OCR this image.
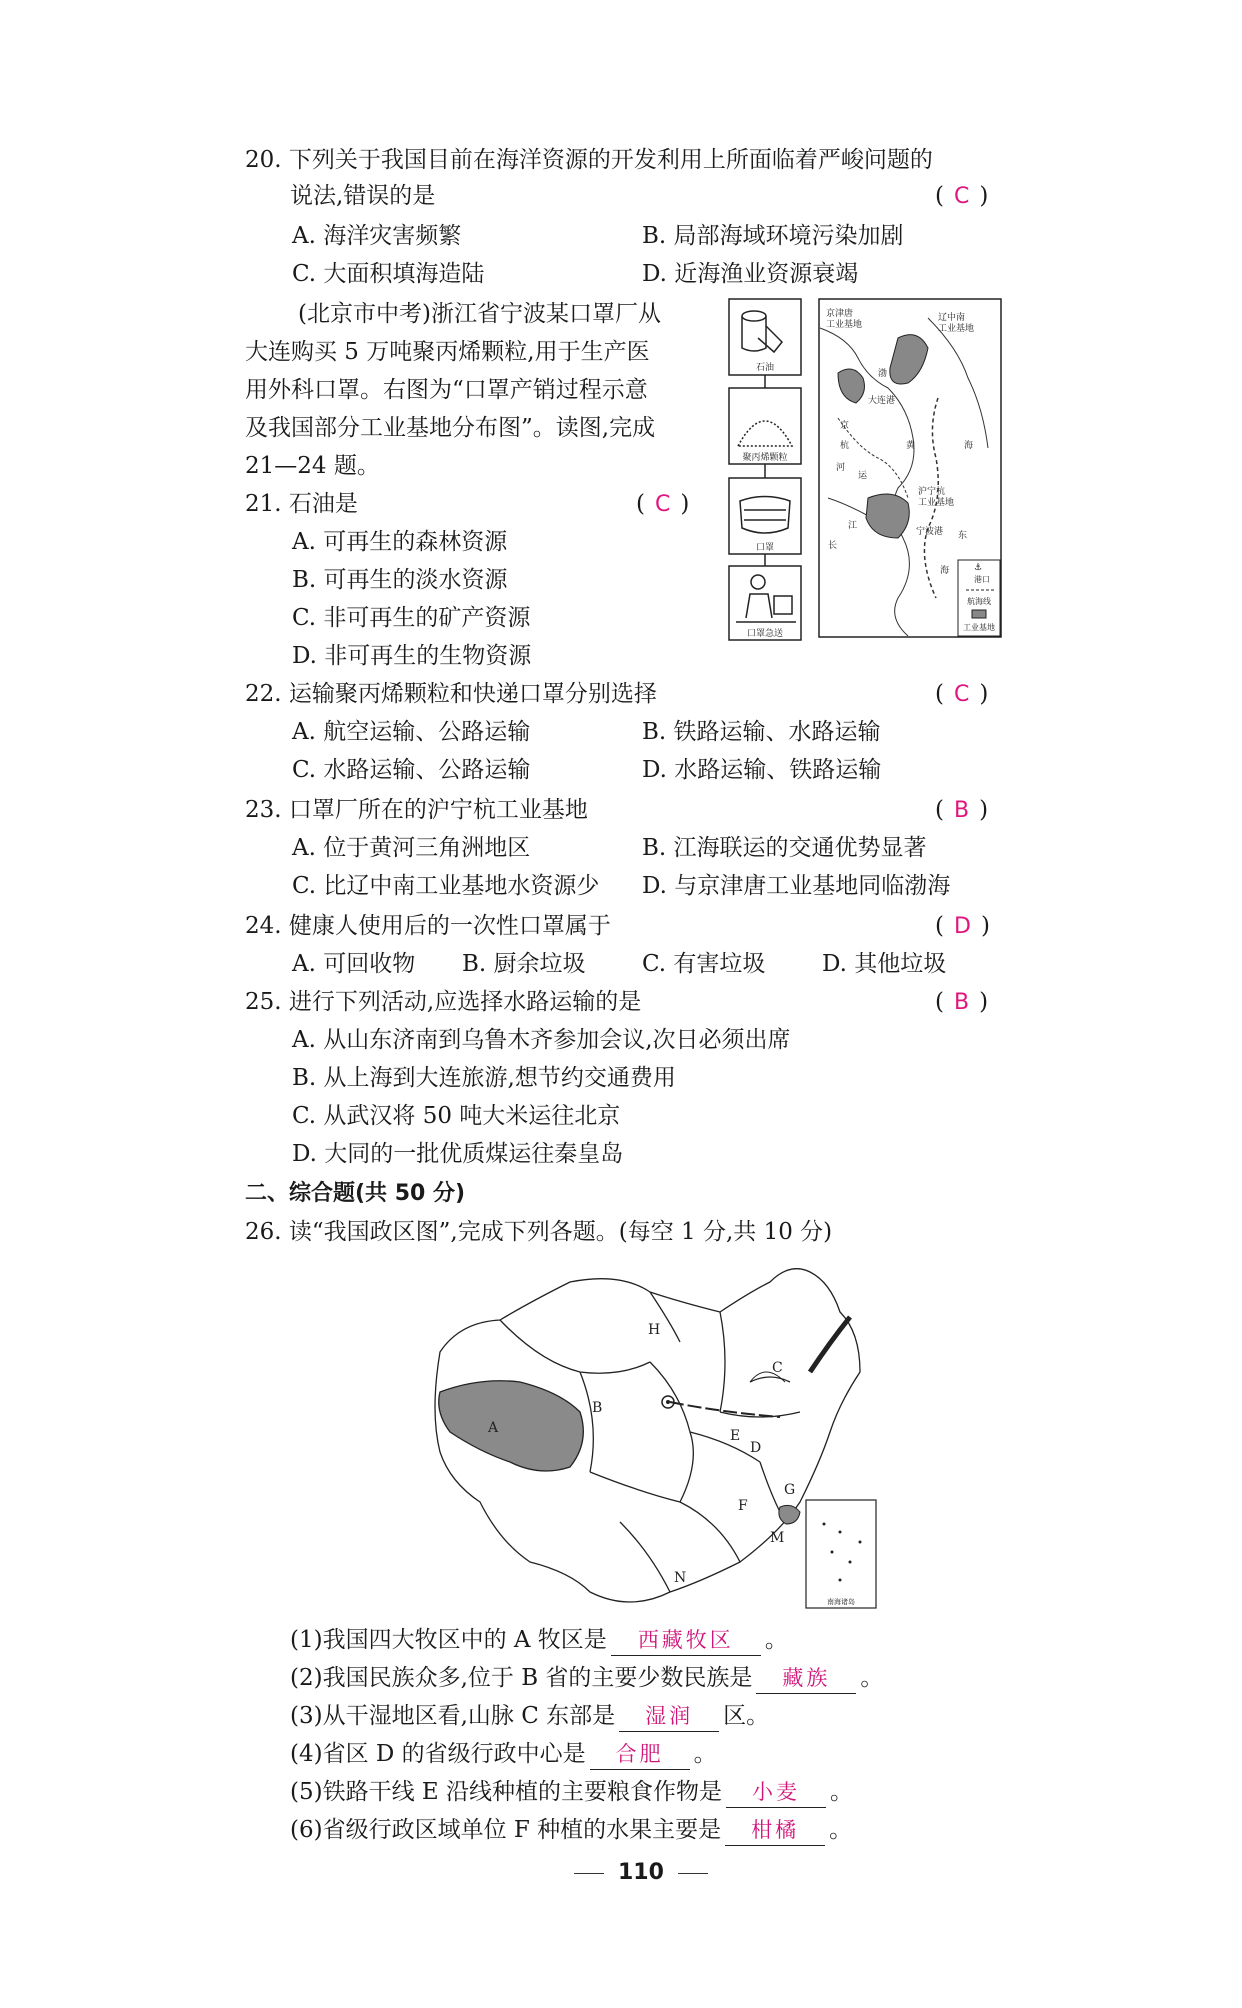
20. 下列关于我国目前在海洋资源的开发利用上所面临着严峻问题的
说法,错误的是	( C )
A. 海洋灾害频繁	B. 局部海域环境污染加剧
C. 大面积填海造陆	D. 近海渔业资源衰竭
(北京市中考)浙江省宁波某口罩厂从
大连购买 5 万吨聚丙烯颗粒,用于生产医
用外科口罩。右图为“口罩产销过程示意
及我国部分工业基地分布图”。读图,完成
21—24 题。
21. 石油是	( C )
A. 可再生的森林资源
B. 可再生的淡水资源
C. 非可再生的矿产资源
D. 非可再生的生物资源
石油
聚丙烯颗粒
口罩
口罩急送
京津唐
工业基地
辽中南
工业基地
渤
大连港
京
杭
运
河
黄	海
沪宁杭
工业基地
宁波港
江
长
东
海	⚓
港口
航海线
工业基地
22. 运输聚丙烯颗粒和快递口罩分别选择	( C )
A. 航空运输、公路运输	B. 铁路运输、水路运输
C. 水路运输、公路运输	D. 水路运输、铁路运输
23. 口罩厂所在的沪宁杭工业基地	( B )
A. 位于黄河三角洲地区	B. 江海联运的交通优势显著
C. 比辽中南工业基地水资源少 D. 与京津唐工业基地同临渤海
24. 健康人使用后的一次性口罩属于	( D )
A. 可回收物 B. 厨余垃圾 C. 有害垃圾 D. 其他垃圾
25. 进行下列活动,应选择水路运输的是	( B )
A. 从山东济南到乌鲁木齐参加会议,次日必须出席
B. 从上海到大连旅游,想节约交通费用
C. 从武汉将 50 吨大米运往北京
D. 大同的一批优质煤运往秦皇岛
二、综合题(共 50 分)
26. 读“我国政区图”,完成下列各题。(每空 1 分,共 10 分)
H
B
A
C
E
D
F
G
M
N
南海诸岛
(1)我国四大牧区中的 A 牧区是 西藏牧区 。
(2)我国民族众多,位于 B 省的主要少数民族是 藏族 。
(3)从干湿地区看,山脉 C 东部是 湿润 区。
(4)省区 D 的省级行政中心是 合肥 。
(5)铁路干线 E 沿线种植的主要粮食作物是 小麦 。
(6)省级行政区域单位 F 种植的水果主要是 柑橘 。
110
